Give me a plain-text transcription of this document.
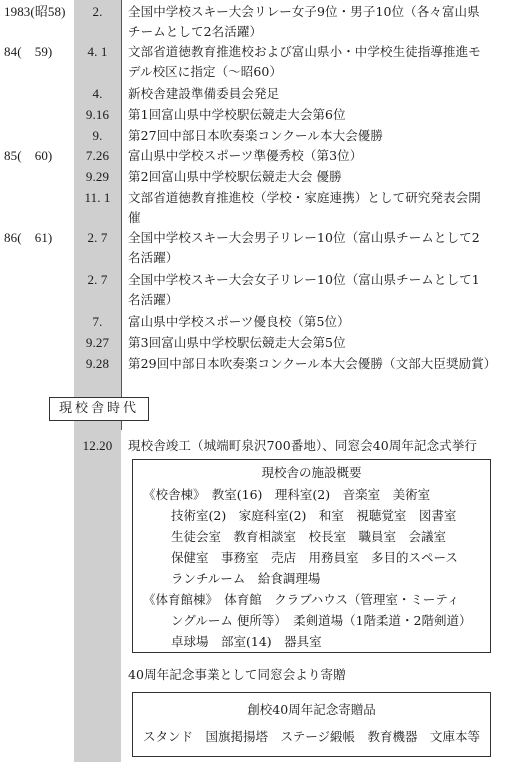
1983(昭58)	2.	全国中学校スキー大会リレー女子9位・男子10位（各々富山県
チームとして2名活躍）
84(　59)	4. 1	文部省道徳教育推進校および富山県小・中学校生徒指導推進モ
デル校区に指定（～昭60）
4.	新校舎建設準備委員会発足
9.16	第1回富山県中学校駅伝競走大会第6位
9.	第27回中部日本吹奏楽コンクール本大会優勝
85(　60)	7.26	富山県中学校スポーツ準優秀校（第3位）
9.29	第2回富山県中学校駅伝競走大会 優勝
11. 1	文部省道徳教育推進校（学校・家庭連携）として研究発表会開
催
86(　61)	2. 7	全国中学校スキー大会男子リレー10位（富山県チームとして2
名活躍）
2. 7	全国中学校スキー大会女子リレー10位（富山県チームとして1
名活躍）
7.	富山県中学校スポーツ優良校（第5位）
9.27	第3回富山県中学校駅伝競走大会第5位
9.28	第29回中部日本吹奏楽コンクール本大会優勝（文部大臣奨励賞）
現校舎時代
12.20	現校舎竣工（城端町泉沢700番地）、同窓会40周年記念式挙行
現校舎の施設概要
《校舎棟》　教室(16)　理科室(2)　音楽室　美術室
技術室(2)　家庭科室(2)　和室　視聴覚室　図書室
生徒会室　教育相談室　校長室　職員室　会議室
保健室　事務室　売店　用務員室　多目的スペース
ランチルーム　給食調理場
《体育館棟》　体育館　クラブハウス（管理室・ミーティ
ングルーム 便所等）　柔剣道場（1階柔道・2階剣道）
卓球場　部室(14)　器具室
40周年記念事業として同窓会より寄贈
創校40周年記念寄贈品
スタンド　国旗掲揚塔　ステージ緞帳　教育機器　文庫本等
